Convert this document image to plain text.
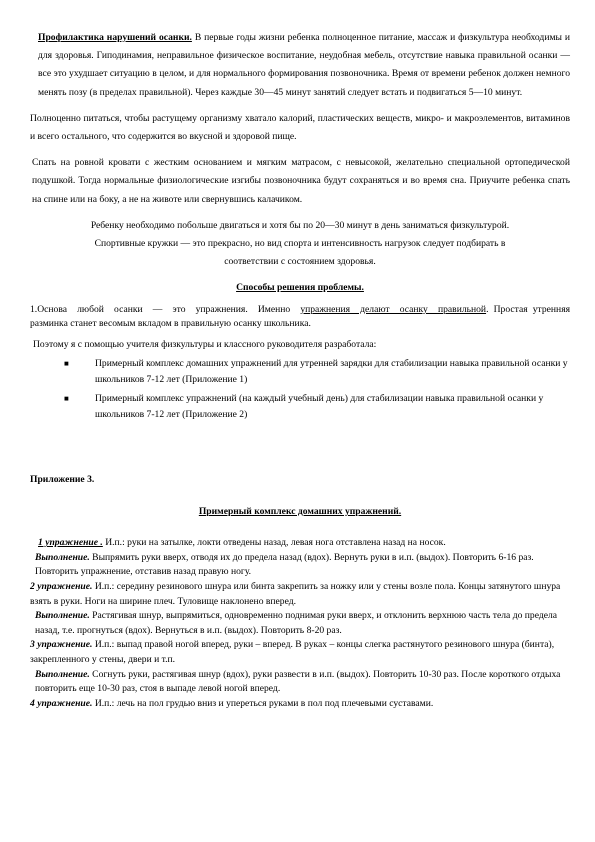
Профилактика нарушений осанки. В первые годы жизни ребенка полноценное питание, массаж и физкультура необходимы и для здоровья. Гиподинамия, неправильное физическое воспитание, неудобная мебель, отсутствие навыка правильной осанки — все это ухудшает ситуацию в целом, и для нормального формирования позвоночника. Время от времени ребенок должен немного менять позу (в пределах правильной). Через каждые 30—45 минут занятий следует встать и подвигаться 5—10 минут.

Полноценно питаться, чтобы растущему организму хватало калорий, пластических веществ, микро- и макроэлементов, витаминов и всего остального, что содержится во вкусной и здоровой пище.

Спать на ровной кровати с жестким основанием и мягким матрасом, с невысокой, желательно специальной ортопедической подушкой. Тогда нормальные физиологические изгибы позвоночника будут сохраняться и во время сна. Приучите ребенка спать на спине или на боку, а не на животе или свернувшись калачиком.

Ребенку необходимо побольше двигаться и хотя бы по 20—30 минут в день заниматься физкультурой.

Спортивные кружки — это прекрасно, но вид спорта и интенсивность нагрузок следует подбирать в

соответствии с состоянием здоровья.

Способы решения проблемы.

1.Основа любой осанки — это упражнения. Именно упражнения делают осанку правильной. Простая утренняя разминка станет весомым вкладом в правильную осанку школьника.

Поэтому я с помощью учителя физкультуры и классного руководителя разработала:

■	Примерный комплекс домашних упражнений для утренней зарядки для стабилизации навыка правильной осанки у школьников 7-12 лет (Приложение 1)
■	Примерный комплекс упражнений (на каждый учебный день) для стабилизации навыка правильной осанки у школьников 7-12 лет (Приложение 2)

Приложение 3.

Примерный комплекс домашних упражнений.

1 упражнение . И.п.: руки на затылке, локти отведены назад, левая нога отставлена назад на носок.

Выполнение. Выпрямить руки вверх, отводя их до предела назад (вдох). Вернуть руки в и.п. (выдох). Повторить 6-16 раз. Повторить упражнение, отставив назад правую ногу.

2 упражнение. И.п.: середину резинового шнура или бинта закрепить за ножку или у стены возле пола. Концы затянутого шнура взять в руки. Ноги на ширине плеч. Туловище наклонено вперед.

Выполнение. Растягивая шнур, выпрямиться, одновременно поднимая руки вверх, и отклонить верхнюю часть тела до предела назад, т.е. прогнуться (вдох). Вернуться в и.п. (выдох). Повторить 8-20 раз.

3 упражнение. И.п.: выпад правой ногой вперед, руки – вперед. В руках – концы слегка растянутого резинового шнура (бинта), закрепленного у стены, двери и т.п.

Выполнение. Согнуть руки, растягивая шнур (вдох), руки развести в и.п. (выдох). Повторить 10-30 раз. После короткого отдыха повторить еще 10-30 раз, стоя в выпаде левой ногой вперед.

4 упражнение. И.п.: лечь на пол грудью вниз и упереться руками в пол под плечевыми суставами.
